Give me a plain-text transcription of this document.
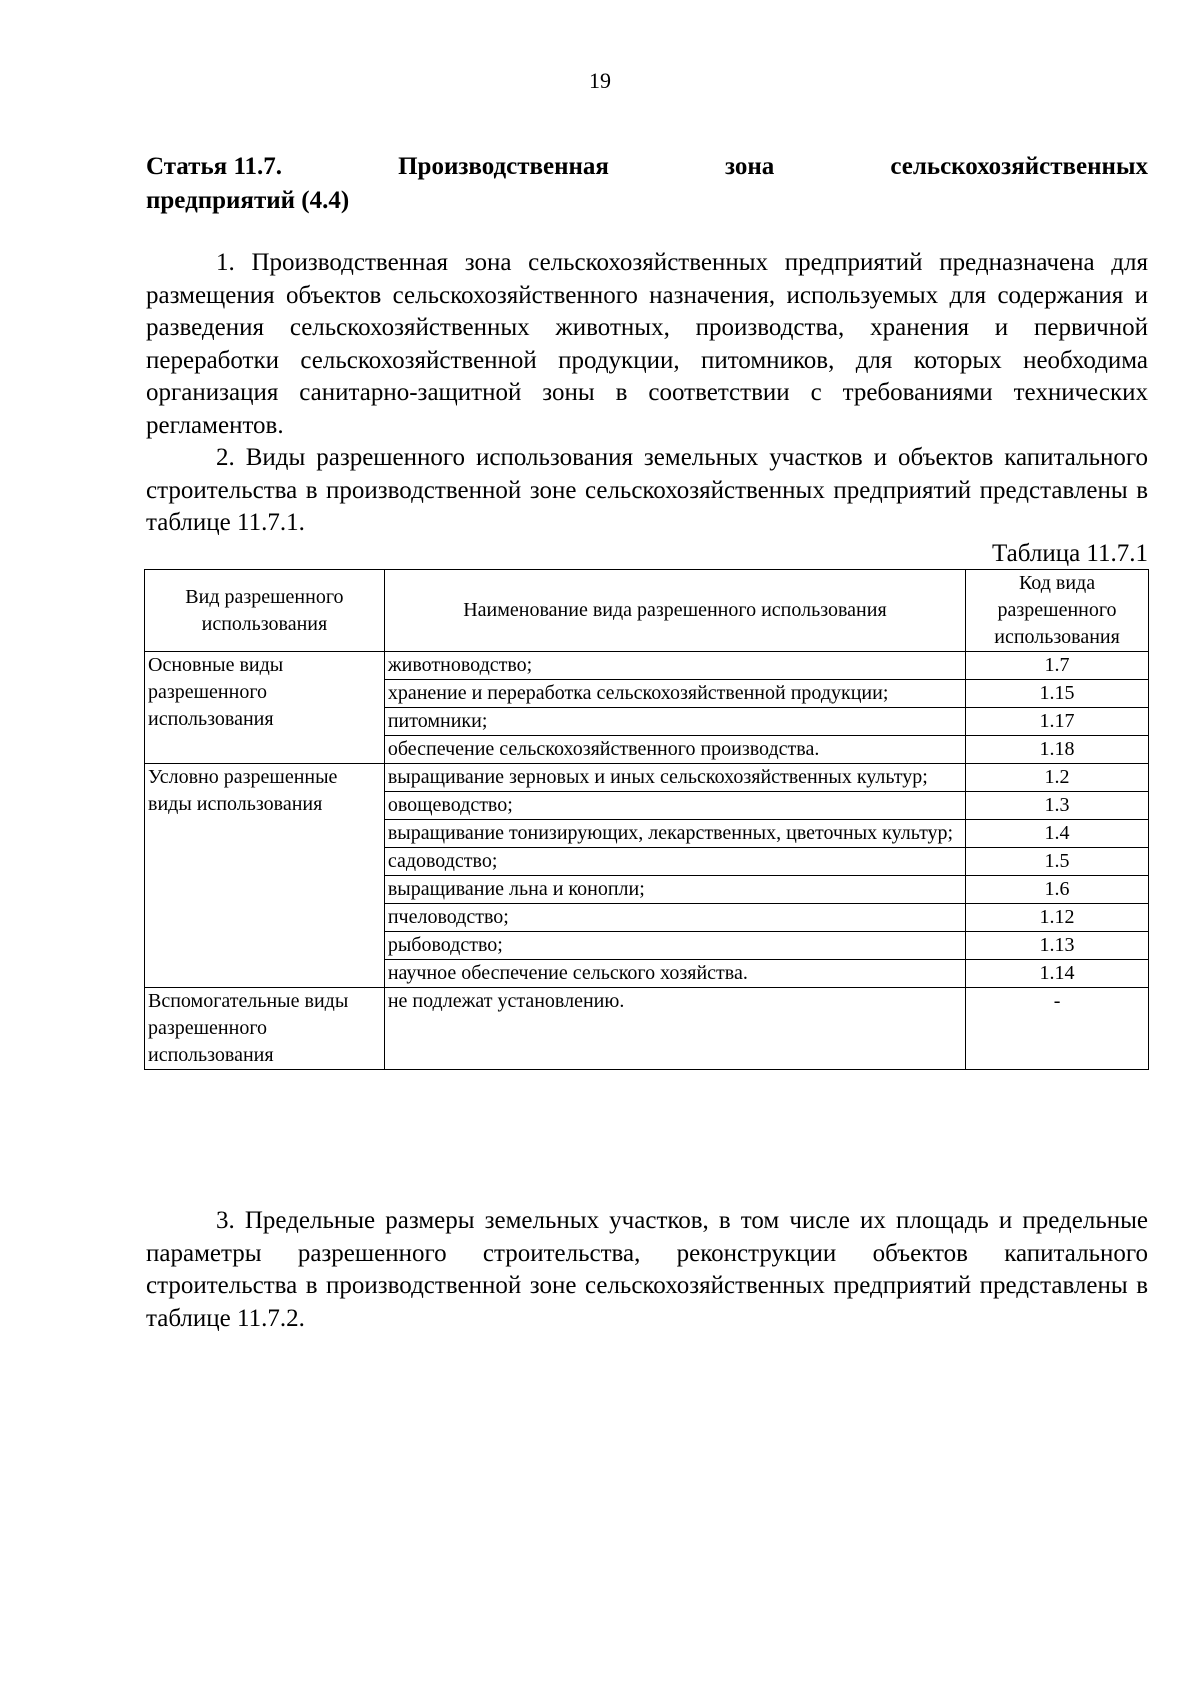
19
Статья 11.7.	Производственная	зона	сельскохозяйственных
предприятий (4.4)
1. Производственная зона сельскохозяйственных предприятий предназначена для размещения объектов сельскохозяйственного назначения, используемых для содержания и разведения сельскохозяйственных животных, производства, хранения и первичной переработки сельскохозяйственной продукции, питомников, для которых необходима организация санитарно-защитной зоны в соответствии с требованиями технических регламентов.
2. Виды разрешенного использования земельных участков и объектов капитального строительства в производственной зоне сельскохозяйственных предприятий представлены в таблице 11.7.1.
Таблица 11.7.1
Вид разрешенного использования	Наименование вида разрешенного использования	Код вида разрешенного использования
Основные виды разрешенного использования	животноводство;	1.7
	хранение и переработка сельскохозяйственной продукции;	1.15
	питомники;	1.17
	обеспечение сельскохозяйственного производства.	1.18
Условно разрешенные виды использования	выращивание зерновых и иных сельскохозяйственных культур;	1.2
	овощеводство;	1.3
	выращивание тонизирующих, лекарственных, цветочных культур;	1.4
	садоводство;	1.5
	выращивание льна и конопли;	1.6
	пчеловодство;	1.12
	рыбоводство;	1.13
	научное обеспечение сельского хозяйства.	1.14
Вспомогательные виды разрешенного использования	не подлежат установлению.	-
3. Предельные размеры земельных участков, в том числе их площадь и предельные параметры разрешенного строительства, реконструкции объектов капитального строительства в производственной зоне сельскохозяйственных предприятий представлены в таблице 11.7.2.
